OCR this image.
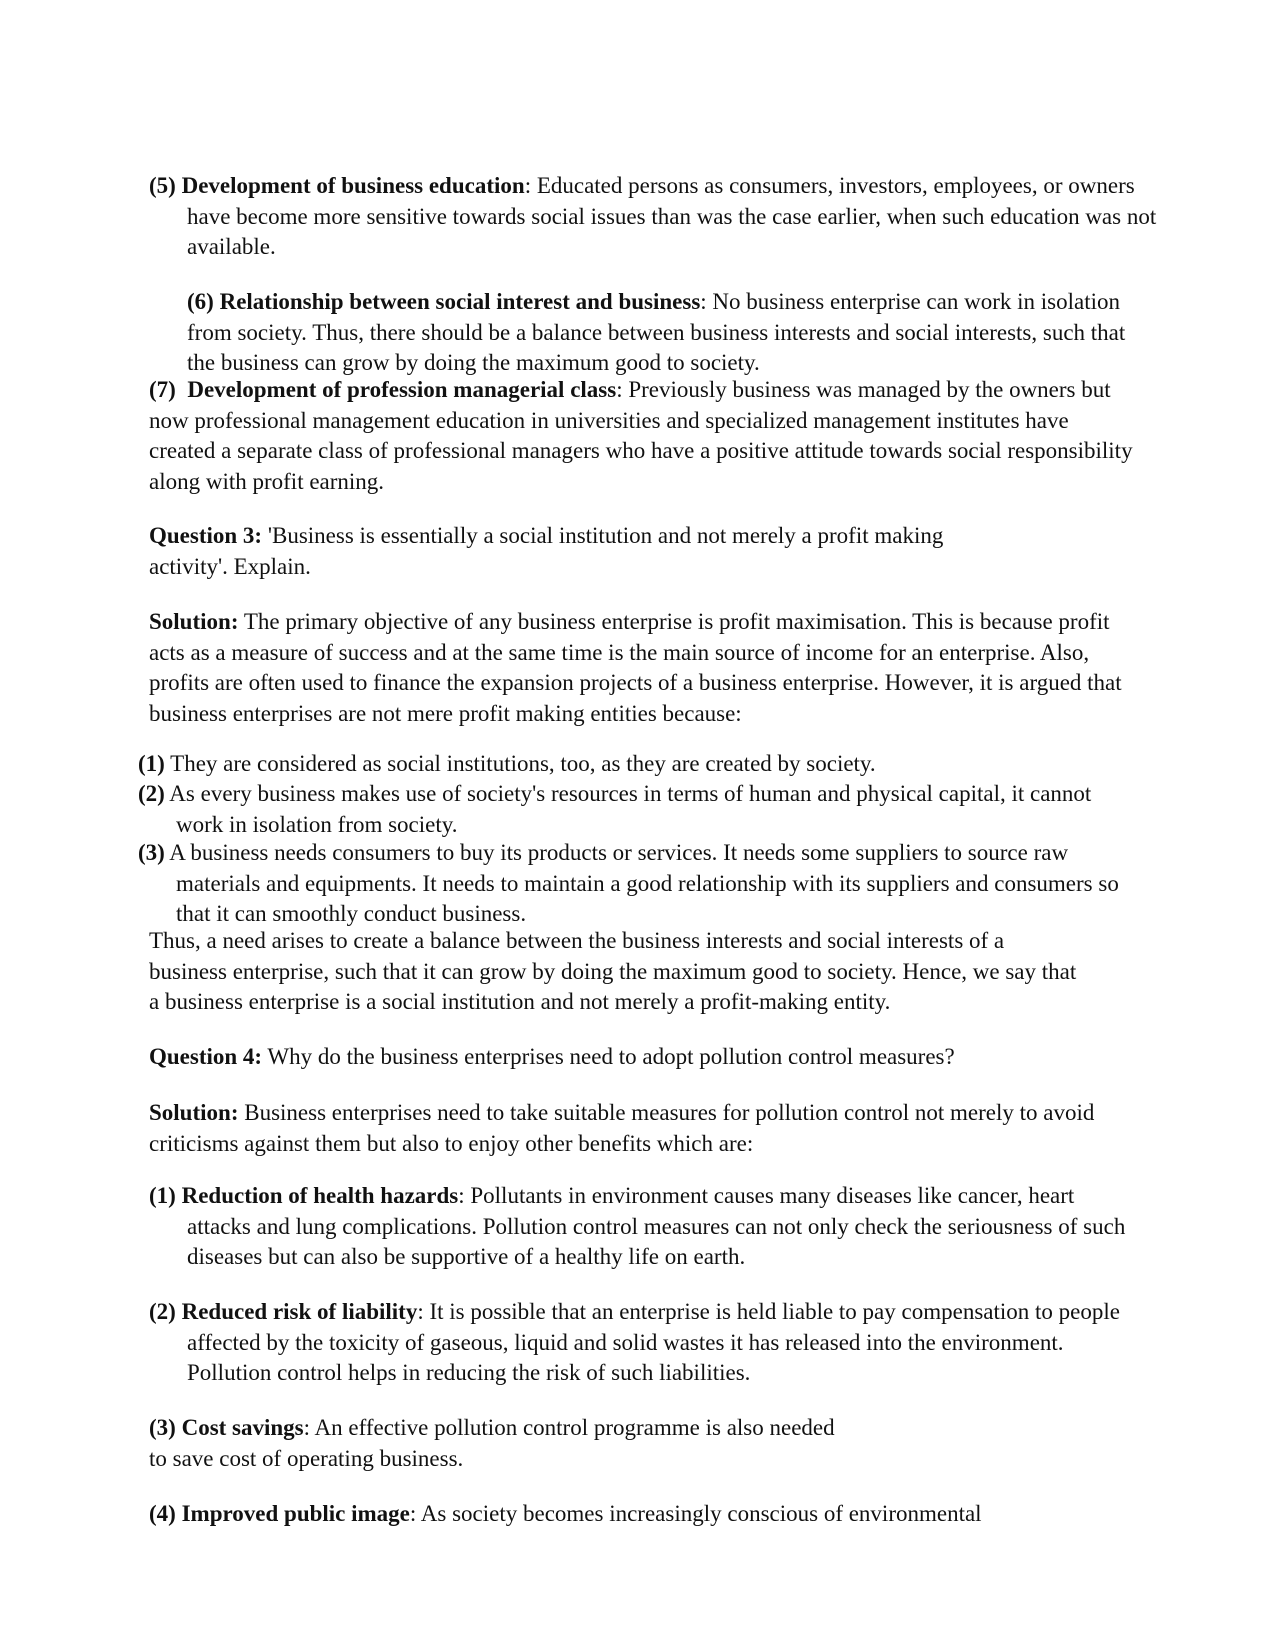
(5) Development of business education: Educated persons as consumers, investors, employees, or owners have become more sensitive towards social issues than was the case earlier, when such education was not available.

(6) Relationship between social interest and business: No business enterprise can work in isolation from society. Thus, there should be a balance between business interests and social interests, such that the business can grow by doing the maximum good to society.

(7) Development of profession managerial class: Previously business was managed by the owners but now professional management education in universities and specialized management institutes have created a separate class of professional managers who have a positive attitude towards social responsibility along with profit earning.

Question 3: 'Business is essentially a social institution and not merely a profit making activity'. Explain.

Solution: The primary objective of any business enterprise is profit maximisation. This is because profit acts as a measure of success and at the same time is the main source of income for an enterprise. Also, profits are often used to finance the expansion projects of a business enterprise. However, it is argued that business enterprises are not mere profit making entities because:

(1) They are considered as social institutions, too, as they are created by society.

(2) As every business makes use of society's resources in terms of human and physical capital, it cannot work in isolation from society.

(3) A business needs consumers to buy its products or services. It needs some suppliers to source raw materials and equipments. It needs to maintain a good relationship with its suppliers and consumers so that it can smoothly conduct business.

Thus, a need arises to create a balance between the business interests and social interests of a business enterprise, such that it can grow by doing the maximum good to society. Hence, we say that a business enterprise is a social institution and not merely a profit-making entity.

Question 4: Why do the business enterprises need to adopt pollution control measures?

Solution: Business enterprises need to take suitable measures for pollution control not merely to avoid criticisms against them but also to enjoy other benefits which are:

(1) Reduction of health hazards: Pollutants in environment causes many diseases like cancer, heart attacks and lung complications. Pollution control measures can not only check the seriousness of such diseases but can also be supportive of a healthy life on earth.

(2) Reduced risk of liability: It is possible that an enterprise is held liable to pay compensation to people affected by the toxicity of gaseous, liquid and solid wastes it has released into the environment. Pollution control helps in reducing the risk of such liabilities.

(3) Cost savings: An effective pollution control programme is also needed
to save cost of operating business.

(4) Improved public image: As society becomes increasingly conscious of environmental
